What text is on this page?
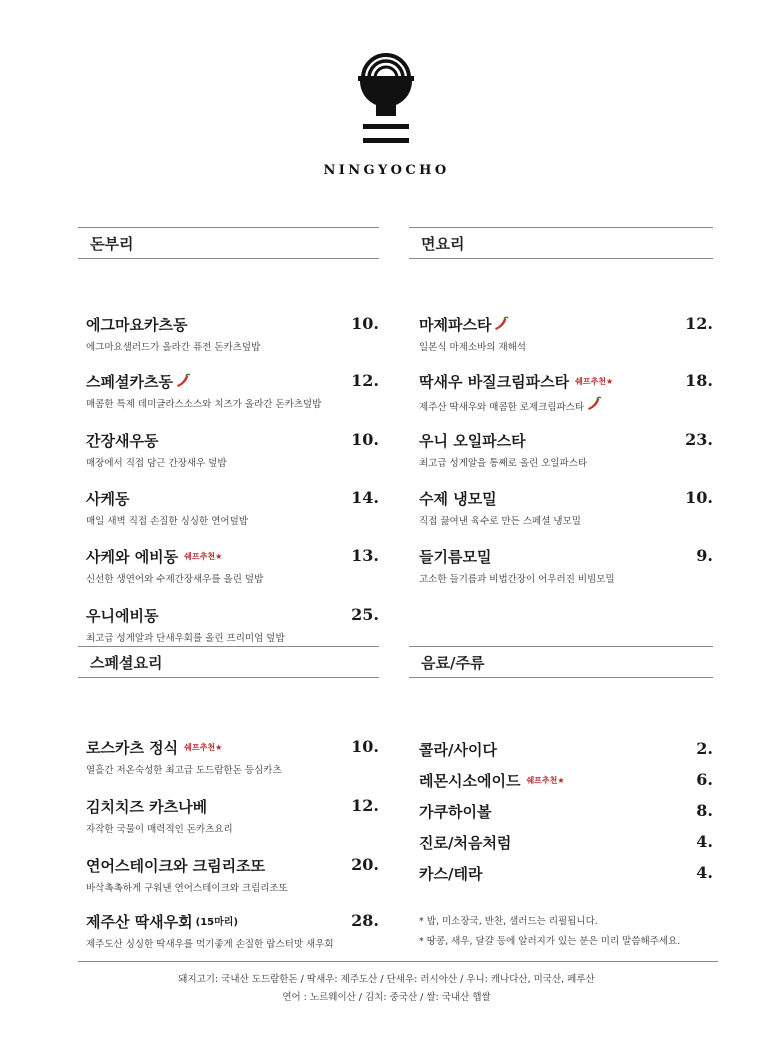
NINGYOCHO
돈부리
에그마요카츠동
에그마요샐러드가 올라간 퓨전 돈카츠덮밥
10.
스페셜카츠동
매콤한 특제 데미글라스소스와 치즈가 올라간 돈카츠덮밥
12.
간장새우동
매장에서 직접 담근 간장새우 덮밥
10.
사케동
매일 새벽 직접 손질한 싱싱한 연어덮밥
14.
사케와 에비동 $^{쉐프추천★}$
신선한 생연어와 수제간장새우를 올린 덮밥
13.
우니에비동
최고급 성게알과 단새우회를 올린 프리미엄 덮밥
25.
면요리
마제파스타
일본식 마제소바의 재해석
12.
딱새우 바질크림파스타 $^{쉐프추천★}$
제주산 딱새우와 매콤한 로제크림파스타
18.
우니 오일파스타
최고급 성게알을 통째로 올린 오일파스타
23.
수제 냉모밀
직접 끓여낸 육수로 만든 스페셜 냉모밀
10.
들기름모밀
고소한 들기름과 비법간장이 어우러진 비빔모밀
9.
스페셜요리
로스카츠 정식 $^{쉐프추천★}$
열흘간 저온숙성한 최고급 도드람한돈 등심카츠
10.
김치치즈 카츠나베
자작한 국물이 매력적인 돈카츠요리
12.
연어스테이크와 크림리조또
바삭촉촉하게 구워낸 연어스테이크와 크림리조또
20.
제주산 딱새우회 (15마리)
제주도산 싱싱한 딱새우를 먹기좋게 손질한 랍스터맛 새우회
28.
음료/주류
콜라/사이다	2.
레몬시소에이드 $^{쉐프추천★}$	6.
가쿠하이볼	8.
진로/처음처럼	4.
카스/테라	4.
* 밥, 미소장국, 반찬, 샐러드는 리필됩니다.
* 땅콩, 새우, 달걀 등에 알러지가 있는 분은 미리 말씀해주세요.
돼지고기: 국내산 도드람한돈 / 딱새우: 제주도산 / 단새우: 러시아산 / 우니: 캐나다산, 미국산, 페루산
연어 : 노르웨이산 / 김치: 중국산 / 쌀: 국내산 햅쌀
